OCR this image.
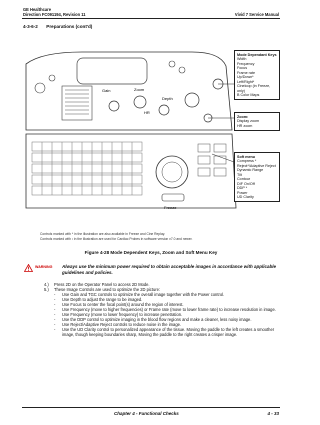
GE Healthcare
Direction FC091194, Revision 11	Vivid 7 Service Manual
4-3-6-2 Preparations (cont'd)
Gain	Zoom
Depth
HR
Freeze
Mode Dependant Keys
Width
Frequency
Focus
Frame rate
Up/Down*
Left/Right*
Cineloop (in Freeze, only)
B Color Maps
Zoom:
Display zoom
HR zoom
Soft menu
Compress *
Reject*/Adaptive Reject
Dynamic Range
Tilt
Contour
DIF On/Off
DDP *
Power
UD Clarity
Controls marked with * in the illustration are also available in Freeze and Cine Replay.
Controls marked with ¹ in the illustration are used for Cardiac Probes in software version v7.0 and newer.
Figure 4-28 Mode Dependent Keys, Zoom and Soft Menu Key
WARNING Always use the minimum power required to obtain acceptable images in accordance with applicable guidelines and policies.
4.) Press 2D on the Operator Panel to access 2D Mode.
5.) These Image Controls are used to optimize the 2D picture:
- Use Gain and TGC controls to optimize the overall image together with the Power control.
- Use Depth to adjust the range to be imaged.
- Use Focus to center the focal point(s) around the region of interest.
- Use Frequency (move to higher frequencies) or Frame rate (move to lower frame rate) to increase resolution in image.
- Use Frequency (move to lower frequency) to increase penetration.
- Use the DDP control to optimize imaging in the blood flow regions and make a cleaner, less noisy image.
- Use Reject/Adaptive Reject controls to reduce noise in the image.
- Use the UD Clarity control to personalized appearance of the tissue. Moving the paddle to the left creates a smoother image, though keeping boundaries sharp, Moving the paddle to the right creates a crisper image.
Chapter 4 - Functional Checks	4 - 33
